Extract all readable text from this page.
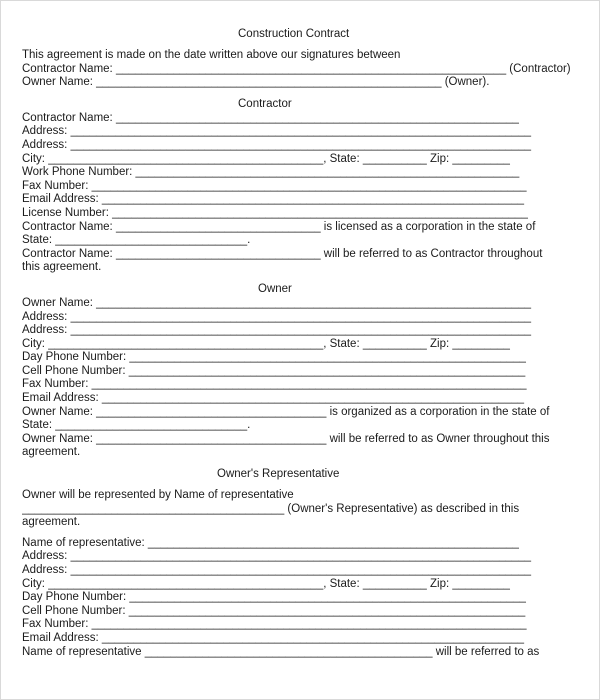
Construction Contract
This agreement is made on the date written above our signatures between
Contractor Name: _____________________________________________________________ (Contractor)
Owner Name: ______________________________________________________ (Owner).
Contractor
Contractor Name: _______________________________________________________________
Address: ________________________________________________________________________
Address: ________________________________________________________________________
City: ___________________________________________, State: __________ Zip: _________
Work Phone Number: ____________________________________________________________
Fax Number: ____________________________________________________________________
Email Address: __________________________________________________________________
License Number: _________________________________________________________________
Contractor Name: ________________________________ is licensed as a corporation in the state of
State: ______________________________.
Contractor Name: ________________________________ will be referred to as Contractor throughout
this agreement.
Owner
Owner Name: ____________________________________________________________________
Address: ________________________________________________________________________
Address: ________________________________________________________________________
City: ___________________________________________, State: __________ Zip: _________
Day Phone Number: ______________________________________________________________
Cell Phone Number: ______________________________________________________________
Fax Number: ____________________________________________________________________
Email Address: __________________________________________________________________
Owner Name: ____________________________________ is organized as a corporation in the state of
State: ______________________________.
Owner Name: ____________________________________ will be referred to as Owner throughout this
agreement.
Owner's Representative
Owner will be represented by Name of representative
_________________________________________ (Owner's Representative) as described in this
agreement.
Name of representative: __________________________________________________________
Address: ________________________________________________________________________
Address: ________________________________________________________________________
City: ___________________________________________, State: __________ Zip: _________
Day Phone Number: ______________________________________________________________
Cell Phone Number: ______________________________________________________________
Fax Number: ____________________________________________________________________
Email Address: __________________________________________________________________
Name of representative _____________________________________________ will be referred to as
